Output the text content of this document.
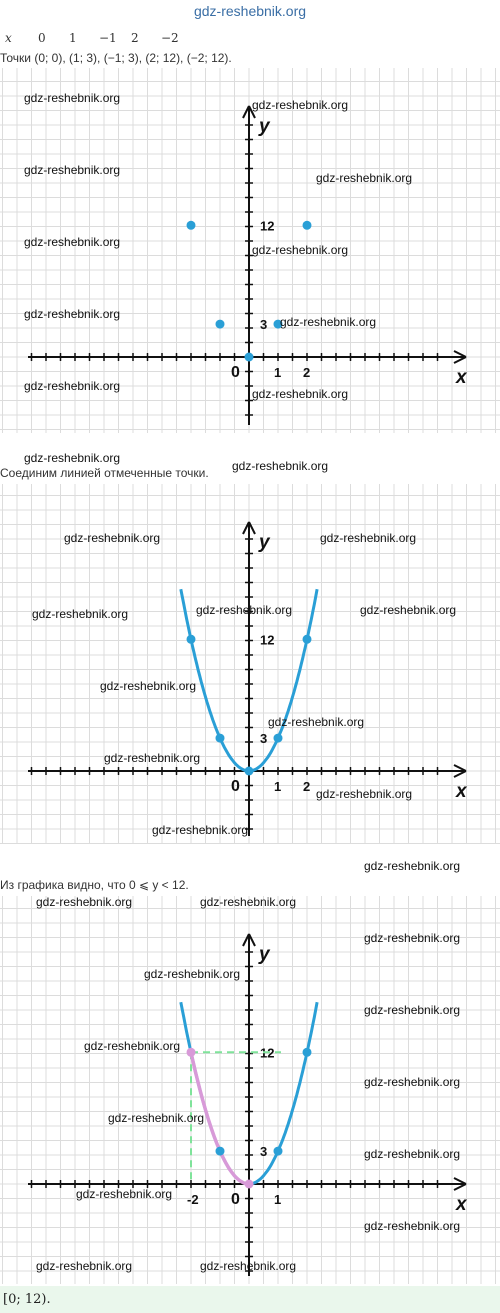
gdz-reshebnik.org
x	0	1	−1	2	−2
Точки (0; 0), (1; 3), (−1; 3), (2; 12), (−2; 12).
x
y
0	1 2
3
12
Соединим линией отмеченные точки.
x
y
0	1 2
3
12
Из графика видно, что 0 ⩽ y < 12.
x
y
0
-2	1
3
12
[0; 12).
gdz-reshebnik.org	gdz-reshebnik.org
gdz-reshebnik.org
gdz-reshebnik.org
gdz-reshebnik.org
gdz-reshebnik.org
gdz-reshebnik.org
gdz-reshebnik.org
gdz-reshebnik.org
gdz-reshebnik.org
gdz-reshebnik.org
gdz-reshebnik.org
gdz-reshebnik.org	gdz-reshebnik.org
gdz-reshebnik.org	gdz-reshebnik.org	gdz-reshebnik.org
gdz-reshebnik.org
gdz-reshebnik.org
gdz-reshebnik.org
gdz-reshebnik.org
gdz-reshebnik.org
gdz-reshebnik.org
gdz-reshebnik.org	gdz-reshebnik.org
gdz-reshebnik.org
gdz-reshebnik.org
gdz-reshebnik.org
gdz-reshebnik.org
gdz-reshebnik.org
gdz-reshebnik.org
gdz-reshebnik.org
gdz-reshebnik.org
gdz-reshebnik.org
gdz-reshebnik.org	gdz-reshebnik.org
